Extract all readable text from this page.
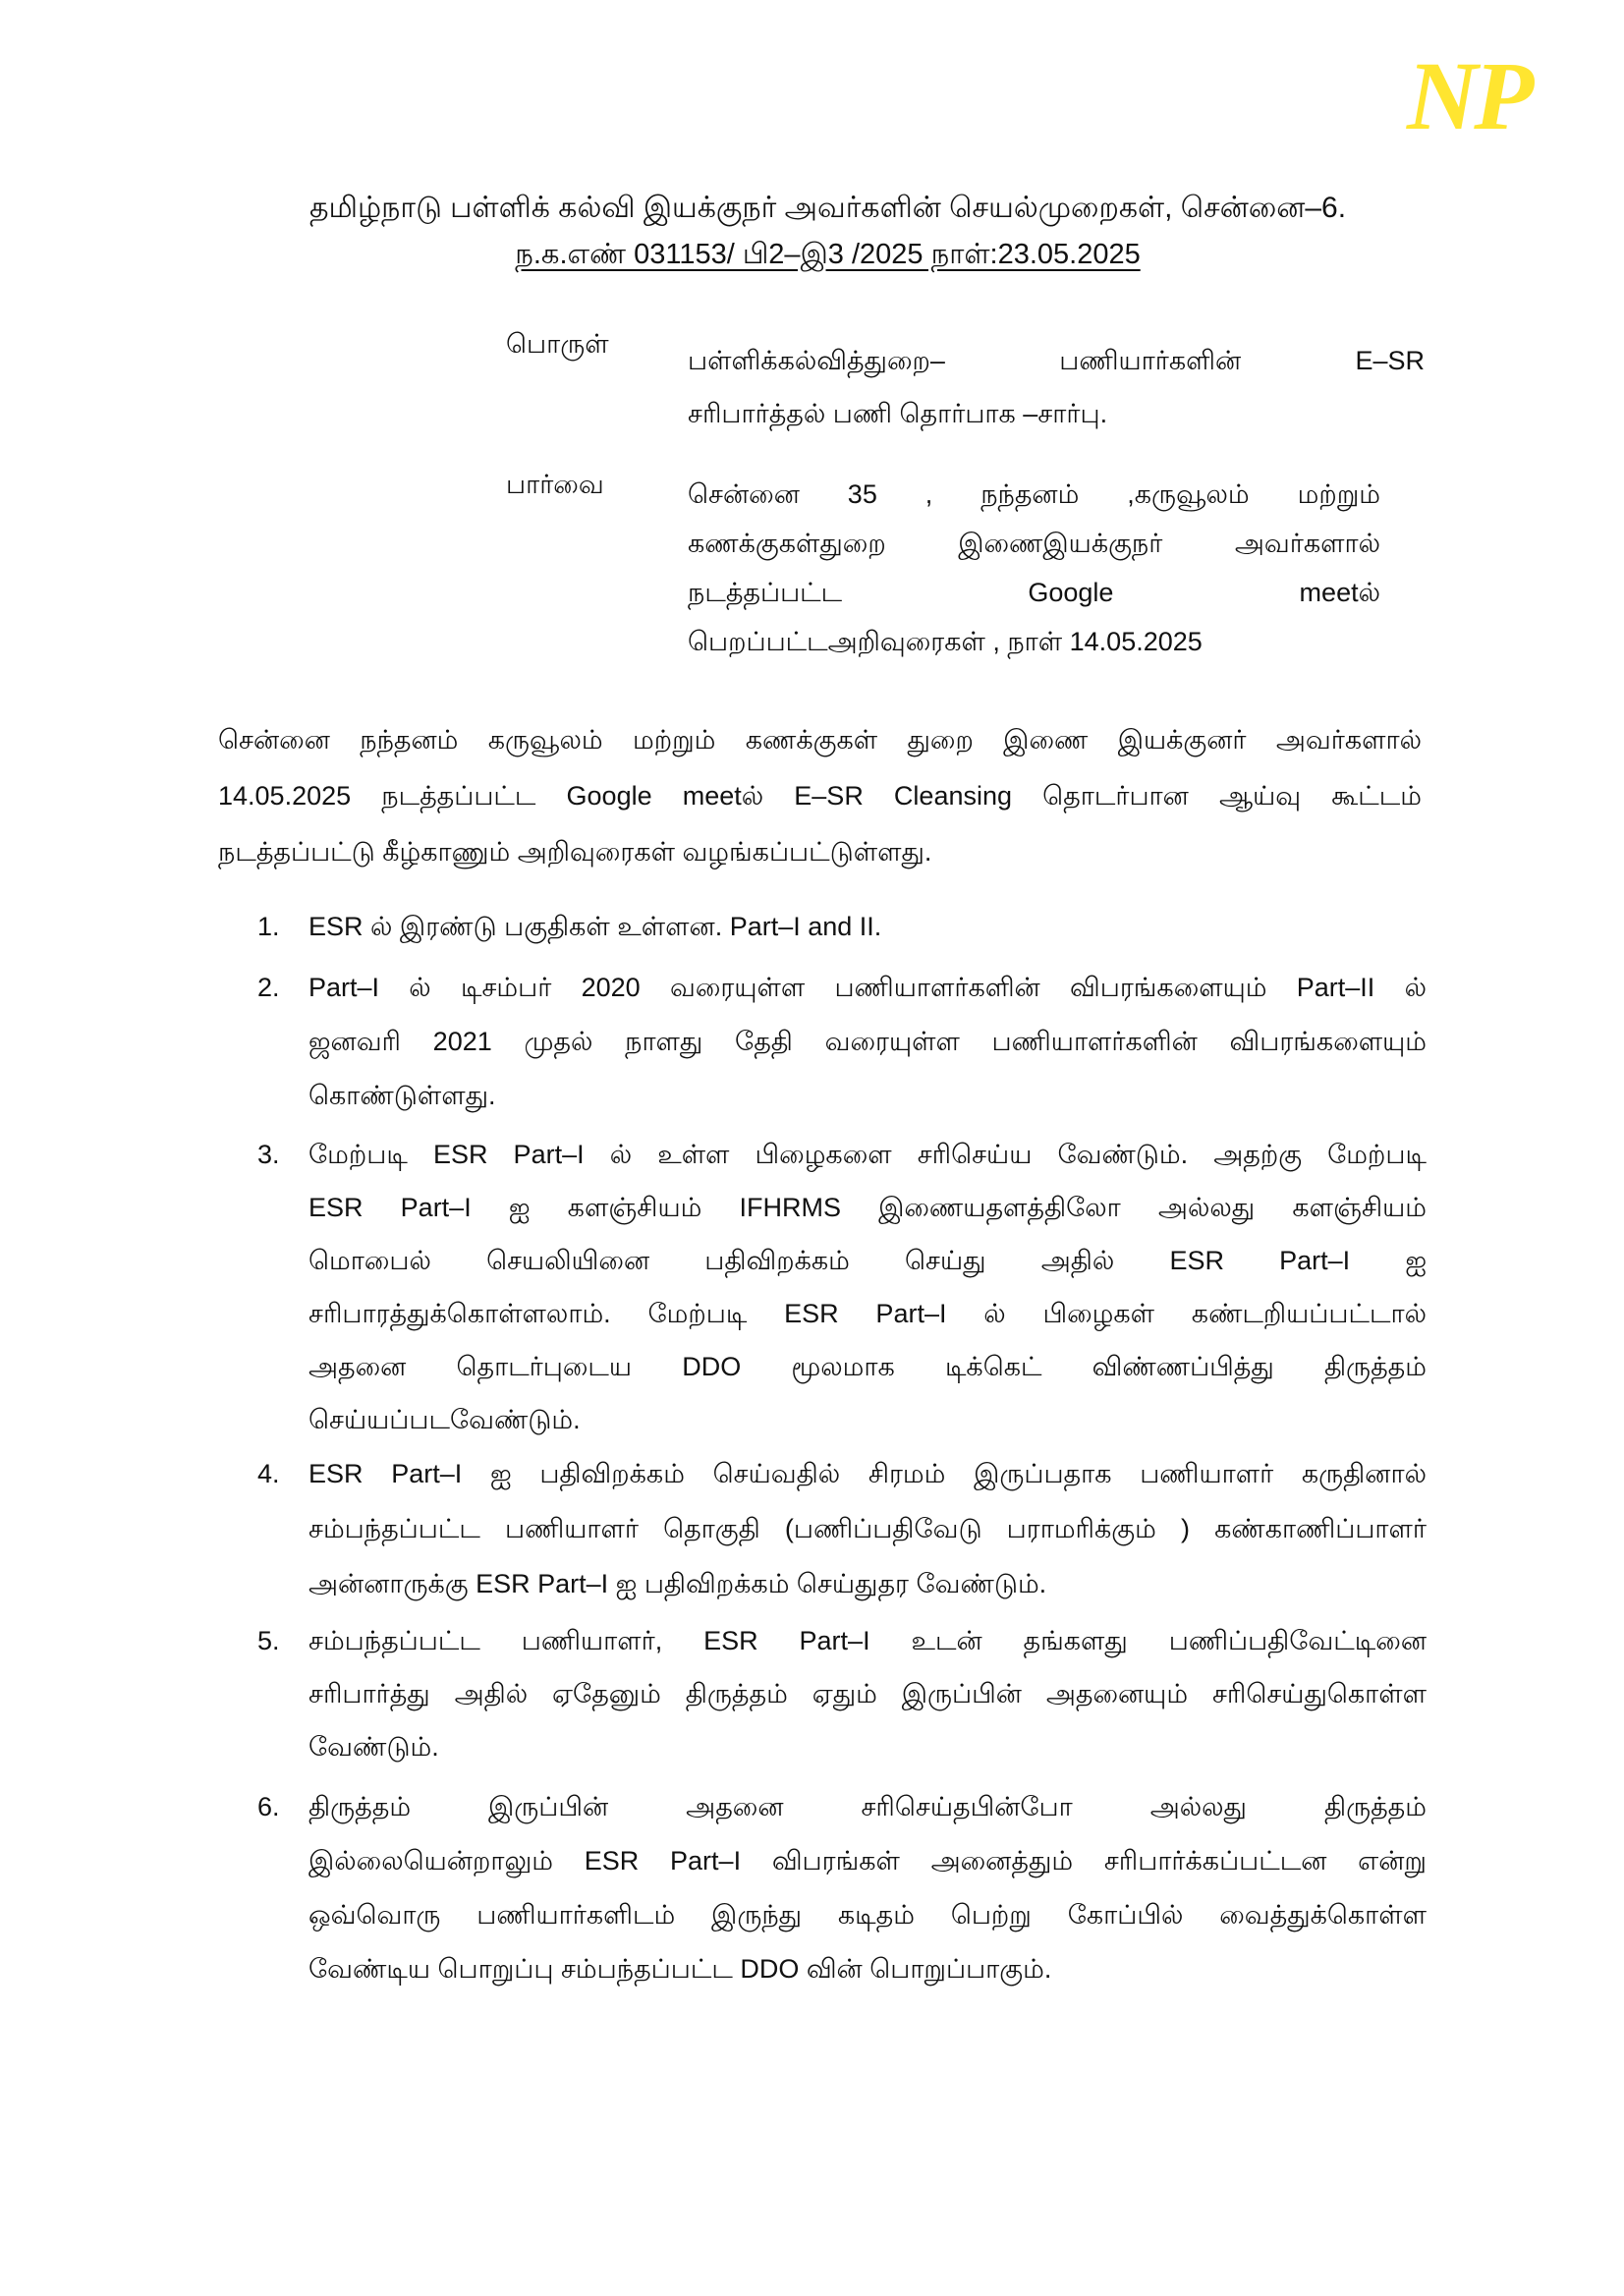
NP
தமிழ்நாடு பள்ளிக் கல்வி இயக்குநர் அவர்களின் செயல்முறைகள், சென்னை–6.
ந.க.எண் 031153/ பி2–இ3 /2025 நாள்:23.05.2025
பொருள்
பள்ளிக்கல்வித்துறை– பணியார்களின் E–SR
சரிபார்த்தல் பணி தொர்பாக –சார்பு.
பார்வை	சென்னை 35 , நந்தனம் ,கருவூலம் மற்றும்
கணக்குகள்துறை இணைஇயக்குநர் அவர்களால்
நடத்தப்பட்ட Google meetல்
பெறப்பட்டஅறிவுரைகள் , நாள் 14.05.2025
சென்னை நந்தனம் கருவூலம் மற்றும் கணக்குகள் துறை இணை இயக்குனர் அவர்களால்
14.05.2025 நடத்தப்பட்ட Google meetல் E–SR Cleansing தொடர்பான ஆய்வு கூட்டம்
நடத்தப்பட்டு கீழ்காணும் அறிவுரைகள் வழங்கப்பட்டுள்ளது.
1.	ESR ல் இரண்டு பகுதிகள் உள்ளன. Part–I and II.
2.	Part–I ல் டிசம்பர் 2020 வரையுள்ள பணியாளர்களின் விபரங்களையும் Part–II ல்
ஜனவரி 2021 முதல் நாளது தேதி வரையுள்ள பணியாளர்களின் விபரங்களையும்
கொண்டுள்ளது.
3.	மேற்படி ESR Part–I ல் உள்ள பிழைகளை சரிசெய்ய வேண்டும். அதற்கு மேற்படி
ESR Part–I ஐ களஞ்சியம் IFHRMS இணையதளத்திலோ அல்லது களஞ்சியம்
மொபைல் செயலியினை பதிவிறக்கம் செய்து அதில் ESR Part–I ஐ
சரிபாரத்துக்கொள்ளலாம். மேற்படி ESR Part–I ல் பிழைகள் கண்டறியப்பட்டால்
அதனை தொடர்புடைய DDO மூலமாக டிக்கெட் விண்ணப்பித்து திருத்தம்
செய்யப்படவேண்டும்.
4.	ESR Part–I ஐ பதிவிறக்கம் செய்வதில் சிரமம் இருப்பதாக பணியாளர் கருதினால்
சம்பந்தப்பட்ட பணியாளர் தொகுதி (பணிப்பதிவேடு பராமரிக்கும் ) கண்காணிப்பாளர்
அன்னாருக்கு ESR Part–I ஐ பதிவிறக்கம் செய்துதர வேண்டும்.
5.	சம்பந்தப்பட்ட பணியாளர், ESR Part–I உடன் தங்களது பணிப்பதிவேட்டினை
சரிபார்த்து அதில் ஏதேனும் திருத்தம் ஏதும் இருப்பின் அதனையும் சரிசெய்துகொள்ள
வேண்டும்.
6.	திருத்தம் இருப்பின் அதனை சரிசெய்தபின்போ அல்லது திருத்தம்
இல்லையென்றாலும் ESR Part–I விபரங்கள் அனைத்தும் சரிபார்க்கப்பட்டன என்று
ஒவ்வொரு பணியார்களிடம் இருந்து கடிதம் பெற்று கோப்பில் வைத்துக்கொள்ள
வேண்டிய பொறுப்பு சம்பந்தப்பட்ட DDO வின் பொறுப்பாகும்.
